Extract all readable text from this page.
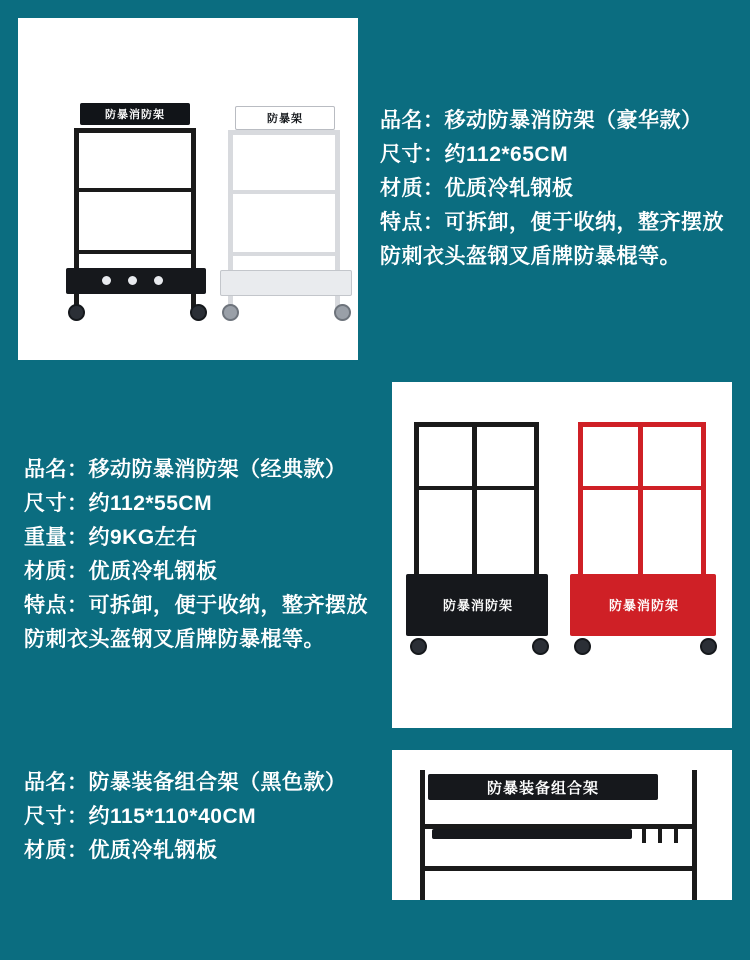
防暴消防架	防暴架	品名：移动防暴消防架（豪华款）
尺寸：约112*65CM
材质：优质冷轧钢板
特点：可拆卸，便于收纳，整齐摆放防刺衣头盔钢叉盾牌防暴棍等。
品名：移动防暴消防架（经典款）
尺寸：约112*55CM
重量：约9KG左右
材质：优质冷轧钢板
特点：可拆卸，便于收纳，整齐摆放防刺衣头盔钢叉盾牌防暴棍等。
防暴消防架	防暴消防架
品名：防暴装备组合架（黑色款）
尺寸：约115*110*40CM
材质：优质冷轧钢板
防暴装备组合架
